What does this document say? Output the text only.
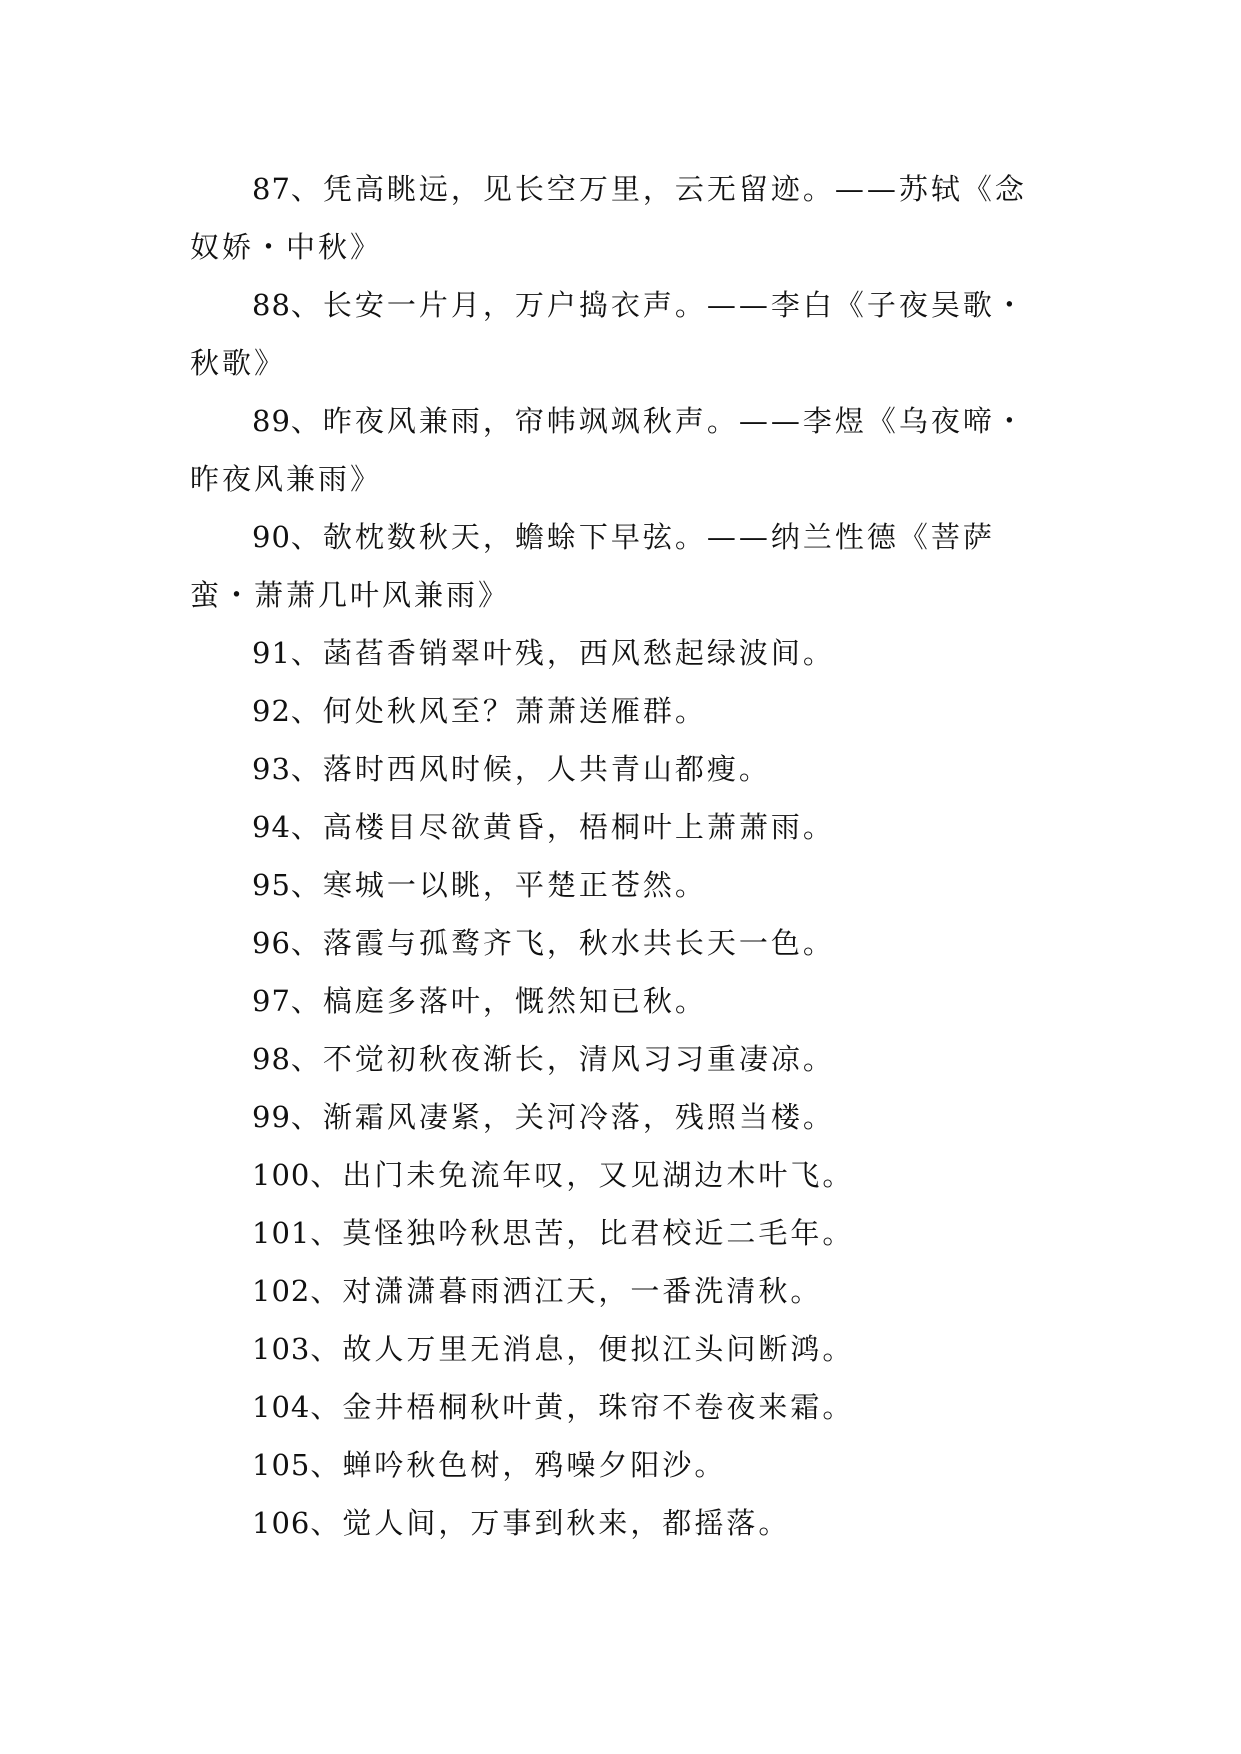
87、凭高眺远，见长空万里，云无留迹。——苏轼《念奴娇・中秋》

88、长安一片月，万户捣衣声。——李白《子夜吴歌・秋歌》

89、昨夜风兼雨，帘帏飒飒秋声。——李煜《乌夜啼・昨夜风兼雨》

90、欹枕数秋天，蟾蜍下早弦。——纳兰性德《菩萨蛮・萧萧几叶风兼雨》

91、菡萏香销翠叶残，西风愁起绿波间。

92、何处秋风至？萧萧送雁群。

93、落时西风时候，人共青山都瘦。

94、高楼目尽欲黄昏，梧桐叶上萧萧雨。

95、寒城一以眺，平楚正苍然。

96、落霞与孤鹜齐飞，秋水共长天一色。

97、槁庭多落叶，慨然知已秋。

98、不觉初秋夜渐长，清风习习重凄凉。

99、渐霜风凄紧，关河冷落，残照当楼。

100、出门未免流年叹，又见湖边木叶飞。

101、莫怪独吟秋思苦，比君校近二毛年。

102、对潇潇暮雨洒江天，一番洗清秋。

103、故人万里无消息，便拟江头问断鸿。

104、金井梧桐秋叶黄，珠帘不卷夜来霜。

105、蝉吟秋色树，鸦噪夕阳沙。

106、觉人间，万事到秋来，都摇落。
